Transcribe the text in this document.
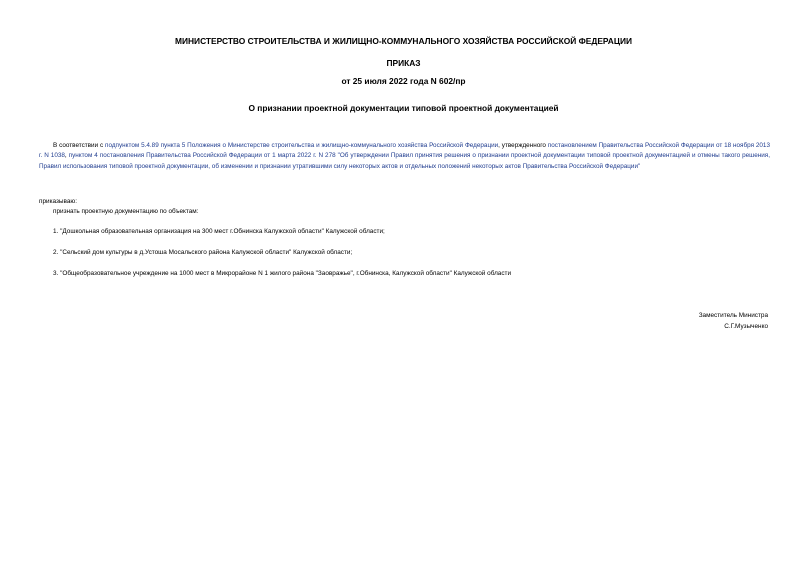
МИНИСТЕРСТВО СТРОИТЕЛЬСТВА И ЖИЛИЩНО-КОММУНАЛЬНОГО ХОЗЯЙСТВА РОССИЙСКОЙ ФЕДЕРАЦИИ
ПРИКАЗ
от 25 июля 2022 года N 602/пр
О признании проектной документации типовой проектной документацией
В соответствии с подпунктом 5.4.89 пункта 5 Положения о Министерстве строительства и жилищно-коммунального хозяйства Российской Федерации, утвержденного постановлением Правительства Российской Федерации от 18 ноября 2013 г. N 1038, пунктом 4 постановления Правительства Российской Федерации от 1 марта 2022 г. N 278 "Об утверждении Правил принятия решения о признании проектной документации типовой проектной документацией и отмены такого решения, Правил использования типовой проектной документации, об изменении и признании утратившими силу некоторых актов и отдельных положений некоторых актов Правительства Российской Федерации"
приказываю:
признать проектную документацию по объектам:
1. "Дошкольная образовательная организация на 300 мест г.Обнинска Калужской области" Калужской области;
2. "Сельский дом культуры в д.Устоша Мосальского района Калужской области" Калужской области;
3. "Общеобразовательное учреждение на 1000 мест в Микрорайоне N 1 жилого района "Заовражье", г.Обнинска, Калужской области" Калужской области
Заместитель Министра
С.Г.Музыченко
